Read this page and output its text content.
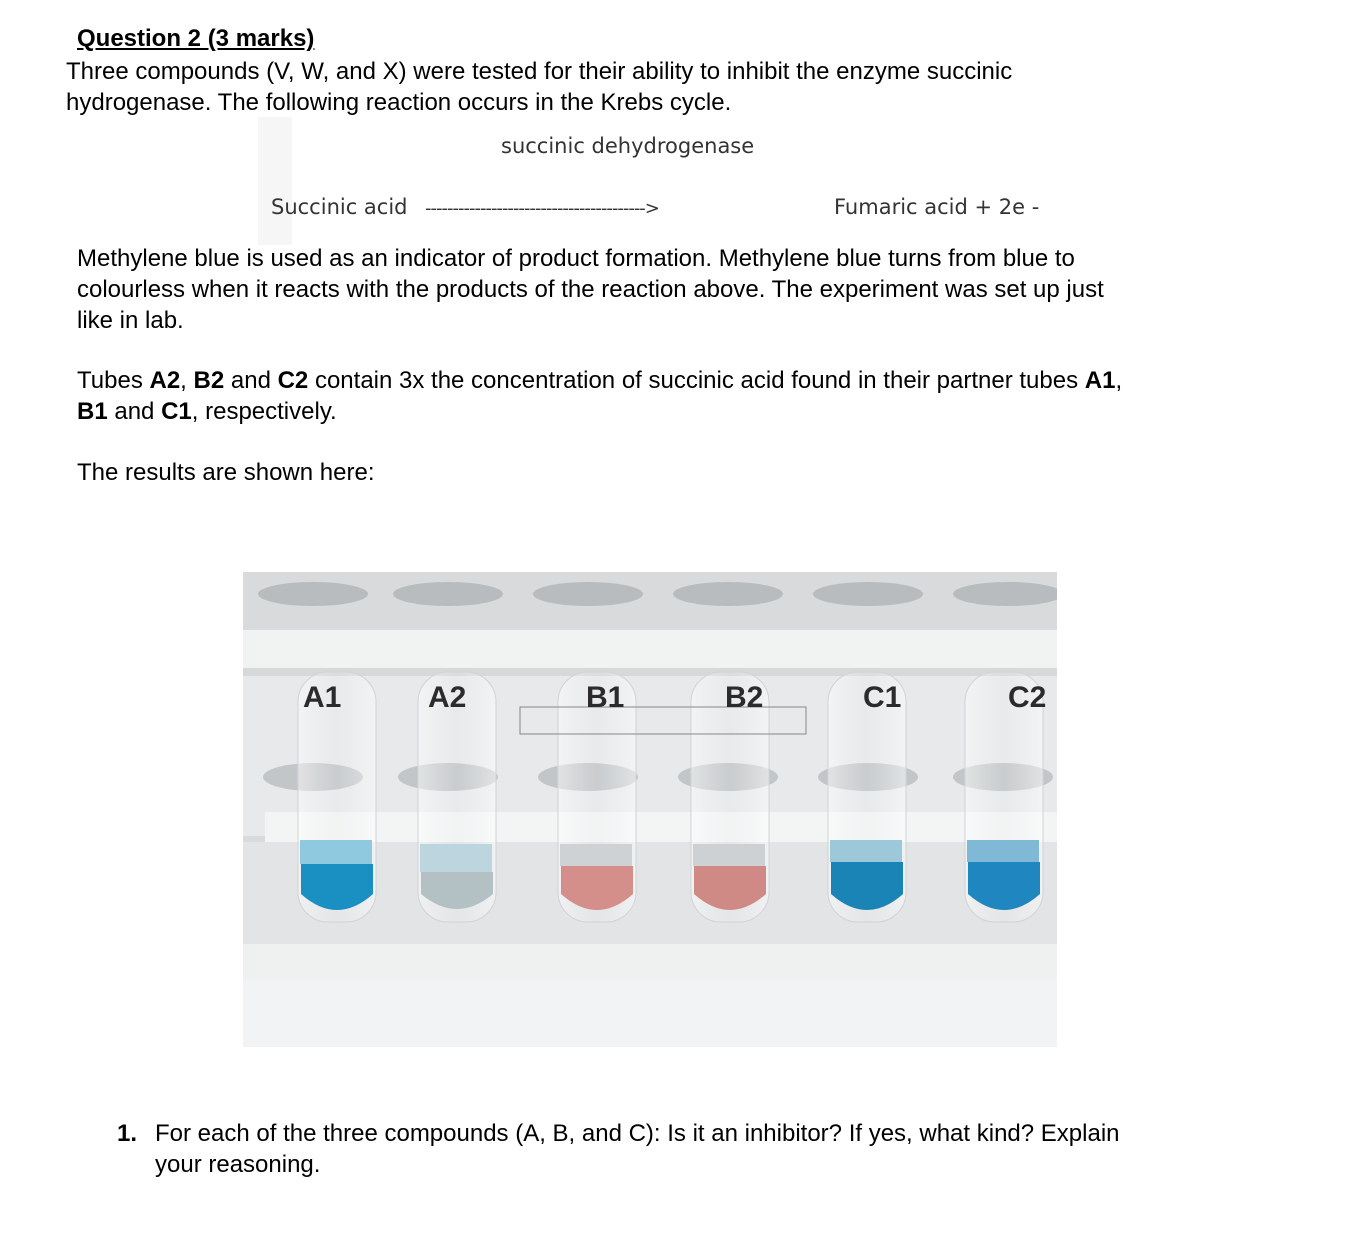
Question 2 (3 marks)
Three compounds (V, W, and X) were tested for their ability to inhibit the enzyme succinic
hydrogenase. The following reaction occurs in the Krebs cycle.
succinic dehydrogenase
Succinic acid ---------------------------------------->	Fumaric acid + 2e -
Methylene blue is used as an indicator of product formation. Methylene blue turns from blue to
colourless when it reacts with the products of the reaction above. The experiment was set up just
like in lab.
Tubes A2, B2 and C2 contain 3x the concentration of succinic acid found in their partner tubes A1,
B1 and C1, respectively.
The results are shown here:
A1	A2	B1	B2	C1	C2
1. For each of the three compounds (A, B, and C): Is it an inhibitor? If yes, what kind? Explain
your reasoning.
